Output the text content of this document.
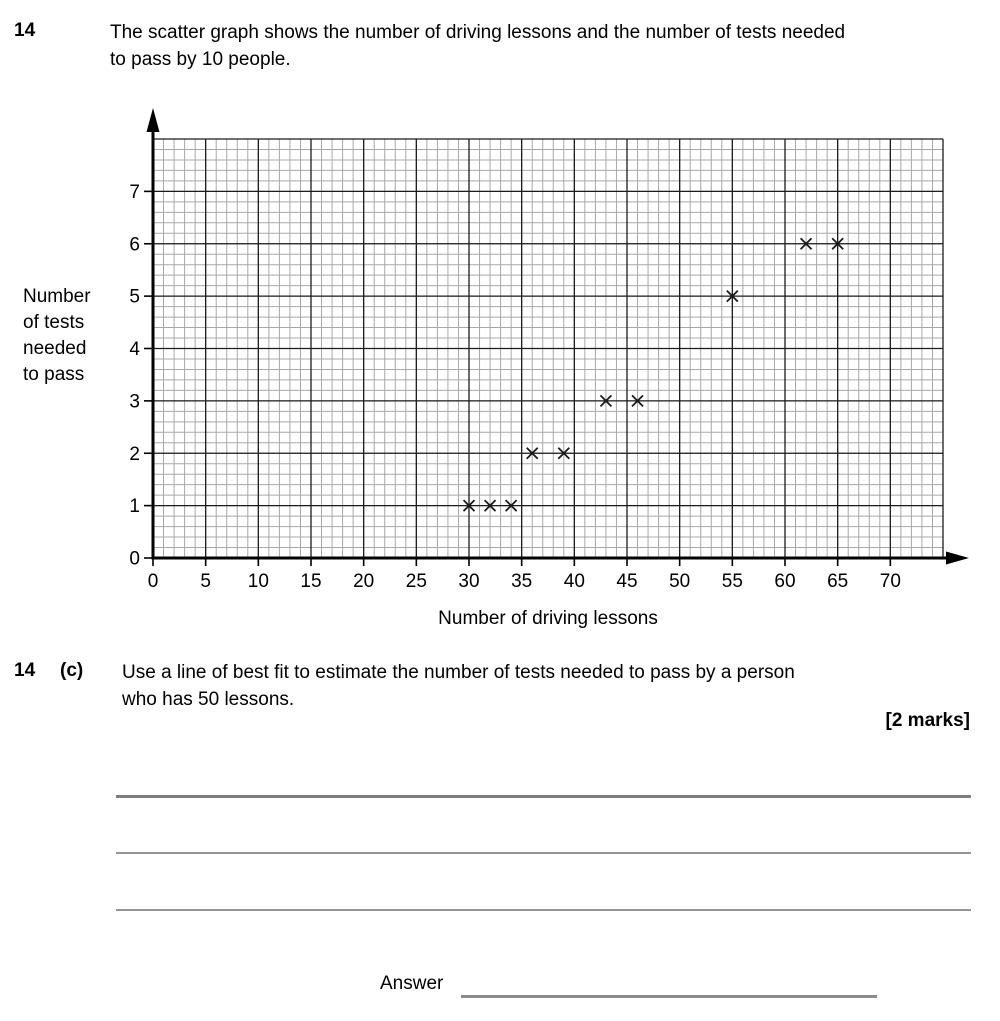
14	The scatter graph shows the number of driving lessons and the number of tests needed
to pass by 10 people.
0 5 10 15 20 25 30 35 40 45 50 55 60 65 70
0
1
2
3
4
5
6
7
Number
of tests
needed
to pass
Number of driving lessons
14 (c) Use a line of best fit to estimate the number of tests needed to pass by a person
who has 50 lessons.
[2 marks]
Answer
